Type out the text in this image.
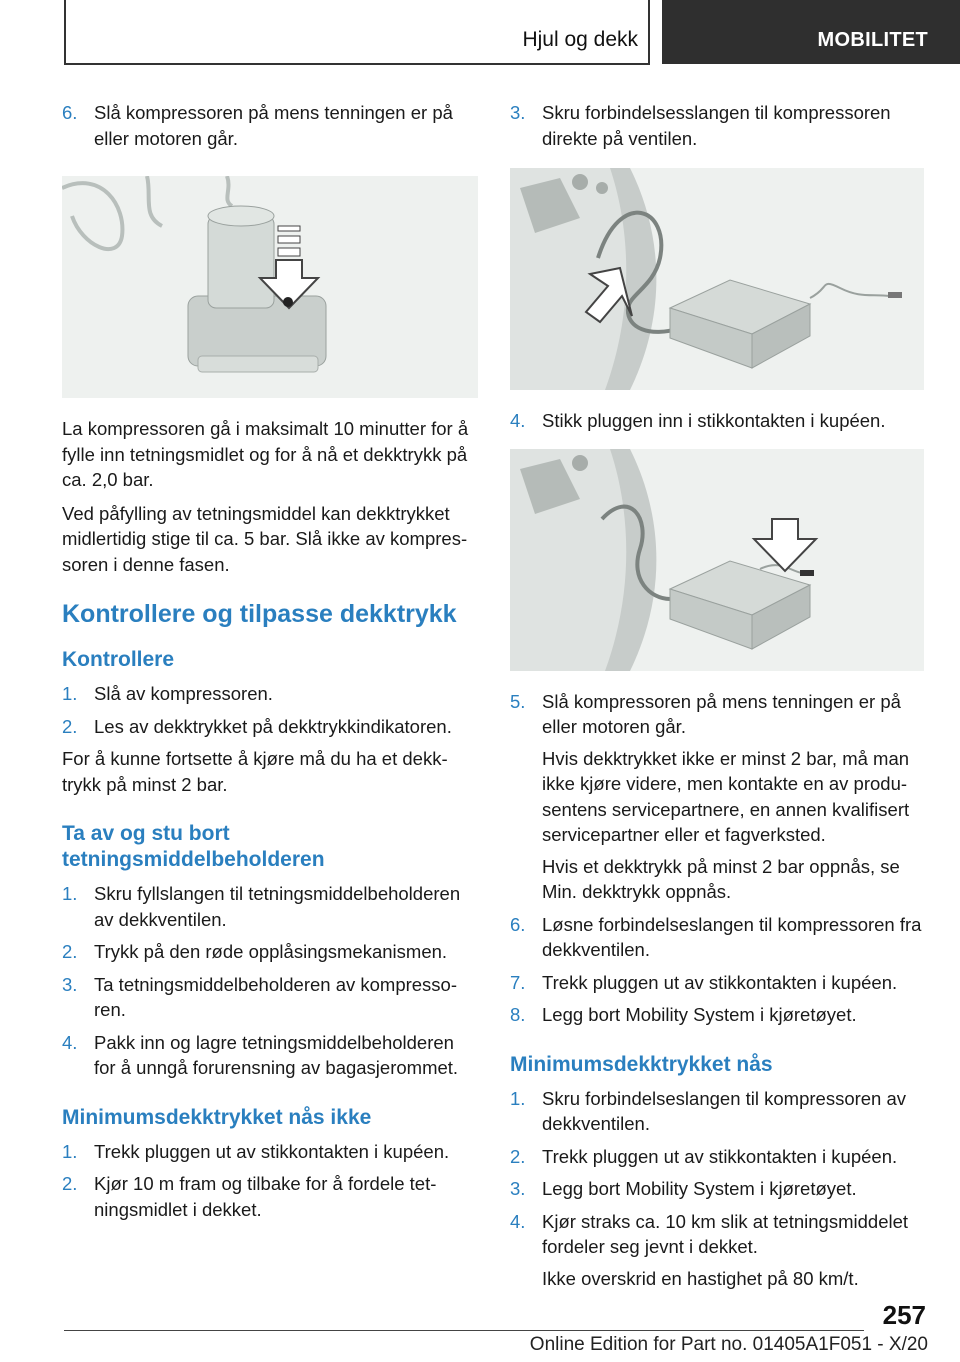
Hjul og dekk	MOBILITET
6. Slå kompressoren på mens tenningen er på eller motoren går.

La kompressoren gå i maksimalt 10 minutter for å fylle inn tetningsmidlet og for å nå et dekktrykk på ca. 2,0 bar.

Ved påfylling av tetningsmiddel kan dekktrykket midlertidig stige til ca. 5 bar. Slå ikke av kompres‐soren i denne fasen.

Kontrollere og tilpasse dekktrykk
Kontrollere
1. Slå av kompressoren.
2. Les av dekktrykket på dekktrykkindikatoren.

For å kunne fortsette å kjøre må du ha et dekk‐trykk på minst 2 bar.

Ta av og stu bort tetningsmiddelbeholderen
1. Skru fyllslangen til tetningsmiddelbeholderen av dekkventilen.
2. Trykk på den røde opplåsingsmekanismen.
3. Ta tetningsmiddelbeholderen av kompresso‐ren.
4. Pakk inn og lagre tetningsmiddelbeholderen for å unngå forurensning av bagasjerommet.
Minimumsdekktrykket nås ikke
1. Trekk pluggen ut av stikkontakten i kupéen.
2. Kjør 10 m fram og tilbake for å fordele tet‐ningsmidlet i dekket.
3. Skru forbindelsesslangen til kompressoren direkte på ventilen.
4. Stikk pluggen inn i stikkontakten i kupéen.
5. Slå kompressoren på mens tenningen er på eller motoren går.
Hvis dekktrykket ikke er minst 2 bar, må man ikke kjøre videre, men kontakte en av produ‐sentens servicepartnere, en annen kvalifisert servicepartner eller et fagverksted.
Hvis et dekktrykk på minst 2 bar oppnås, se Min. dekktrykk oppnås.
6. Løsne forbindelseslangen til kompressoren fra dekkventilen.
7. Trekk pluggen ut av stikkontakten i kupéen.
8. Legg bort Mobility System i kjøretøyet.
Minimumsdekktrykket nås
1. Skru forbindelseslangen til kompressoren av dekkventilen.
2. Trekk pluggen ut av stikkontakten i kupéen.
3. Legg bort Mobility System i kjøretøyet.
4. Kjør straks ca. 10 km slik at tetningsmiddelet fordeler seg jevnt i dekket.
Ikke overskrid en hastighet på 80 km/t.
257
Online Edition for Part no. 01405A1F051 - X/20
